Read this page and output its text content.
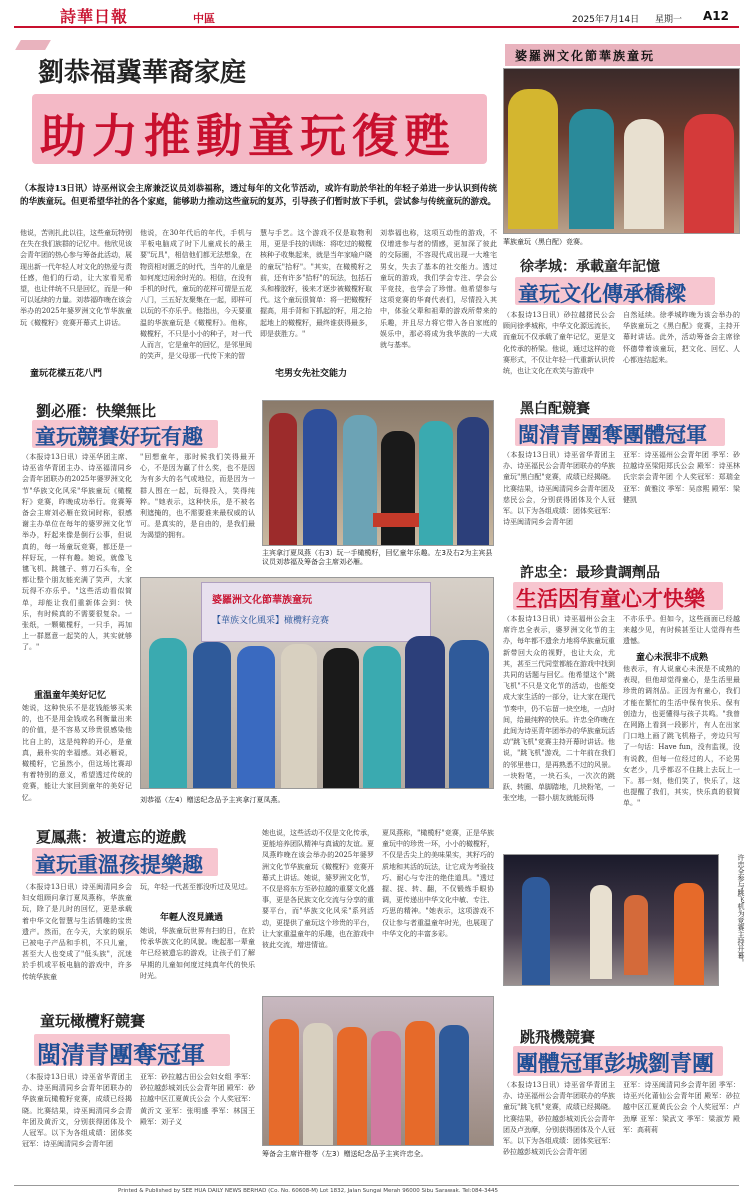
詩華日報	中區	2025年7月14日 星期一 A12
婆羅洲文化節華族童玩
劉恭福冀華裔家庭
助力推動童玩復甦
（本报诗13日讯）诗巫州议会主席兼泛议员刘恭福称，透过每年的文化节活动，或许有助於华社的年轻子弟进一步认识到传统的华族童玩。但更希望华社的各个家庭，能够助力推动这些童玩的复苏，引导孩子们暂时放下手机，尝试参与传统童玩的游戏。
他说，苦则扎此以往，这些童玩特别在失在我们族群的记忆中。他欣见该会青年团的热心参与筹备此活动，展现出新一代年轻人对文化的热爱与责任感，他们的行动，让大家看见希望，也让伴统不只是回忆，而是一种可以延续的力量。刘恭福昨晚在该会举办的2025年婆罗洲文化节华族童玩《橄榄籽》竞赛开幕式上讲话。
童玩花樣五花八門
他说，在30年代后的年代，手机与平板电脑成了时下儿童成长的最主要"玩具"，相信他们都无法想象，在物资相对匮乏的时代，当年的儿童是如何度过闲余时光的。相信，在没有手机的时代，童玩的花样可谓是五花八门，三五好友聚集在一起，即样可以玩的不亦乐乎。他指出，今天要重温的华族童玩是《橄榄籽》。他称，橄榄籽，不只是小小的种子，对一代人而言，它是童年的回忆，是邻里间的笑声，是父母那一代传下来的智
慧与手艺。这个游戏不仅是取物利用，更是手技的训练：将吃过的橄榄核种子收集起来，就是当年家喻户晓的童玩"拾籽"。"其实，在橄榄籽之前，还有许多"拾籽"的玩法，包括石头和橡胶籽，後来才逐步被橄榄籽取代。这个童玩很简单：将一把橄榄籽握高，用手背和下抓起的籽，用之抬起地上的橄榄籽，最终谁获得最多，即是获胜方。"
宅男女先社交能力
刘恭福也称，这项互动性的游戏，不仅增进参与者的情感，更加深了彼此的交际圈，不容现代成出现一大堆宅男女，失去了基本的社交能力。透过童玩的游戏，我们学会专注、学会公平竞技，也学会了珍惜。他希望参与这项竞赛的华裔代表们，尽情投入其中，体验父辈和祖辈的游戏所带来的乐趣，并且尽力将它带入各自家庭的娱乐中，那必将成为我华族的一大成就与基率。
華族童玩（黑白配）竞赛。
徐孝城：承載童年記憶
童玩文化傳承橋樑
（本报诗13日讯）砂拉越猪民公会顾问徐孝城称，中华文化源远流长，而童玩不仅承载了童年记忆，更是文化传承的桥梁。他说，通过这样的竞赛形式，不仅让年轻一代重新认识传统，也让文化在欢笑与游戏中
自然延续。徐孝城昨晚为该会举办的华族童玩之《黑白配》竞赛，主持开幕时讲话。此外，活动筹备会主席徐怀德带着该童玩，把文化、回忆、人心都连结起来。
劉必雁：快樂無比
童玩競賽好玩有趣
（本报诗13日讯）诗巫华团主席、诗巫省华青团主办、诗巫福清同乡会青年团联办的2025年婆罗洲文化节"华族文化风采"华族童玩《橄榄籽》竞赛，昨晚成功举行。竞赛筹备会主席刘必雁在致词时称，很感谢主办单位在每年的婆罗洲文化节举办，籽起来像是倒行公事，但说真的，每一场童玩竞赛，都还是一样好玩，一样有趣。她说，就像飞毽飞机、跳毽子、剪刀石头布，全都让整个朋友能充满了笑声，大家玩得不亦乐乎。"这些活动看似简单，却能让我们重新体会到：快乐，有时候真的不需要很复杂。一张纸，一颗橄榄籽，一只手，再加上一群愿意一起笑的人，其实就够了。"
重温童年美好记忆
她说，这种快乐不是花钱能够买来的，也不是用金钱或名利衡量出来的价值，是不容易又珍贵很感染他比自上的，这是纯粹的开心，是童真，最朴实的幸福感。刘必雁说，橄榄籽，它虽然小，但这场比赛却有着特别的意义，希望透过传统的竞赛，能让大家回到童年的美好记忆。
"回想童年，那时候我们笑得最开心，不是因为赢了什么奖，也不是因为有多大的名气或地位，而是因为一群人围在一起，玩得投入，笑得纯粹。"她表示，这种快乐，是不被名利遮掩的，也不需要谁来最权威的认可。是真实的，是自由的，是我们最为渴望的拥有。
主宾拿汀夏凤燕（右3）玩一手橄榄籽，回忆童年乐趣。左3及右2为主宾县议员刘恭福及筹备会主席刘必雁。
婆羅洲文化節華族童玩
【華族文化風采】橄欖籽竞赛
刘恭福（左4）赠送纪念品予主宾拿汀夏凤燕。
黑白配競賽
閩清青團奪團體冠軍
（本报诗13日讯）诗巫省华青团主办、诗巫福民公会青年团联办的华族童玩"黑白配"竞赛，成绩已经揭晓。比赛结果，诗巫闽清同乡会青年团及慈民公会，分别获得团体及个人冠军。以下为各组成绩：团体奖冠军：诗巫闽清同乡会青年团
亚军：诗巫福州公会青年团 季军：砂拉越诗巫梁阳郑氏公会 殿军：诗巫林氏宗亲会青年团 个人奖冠军：郑瑞金 亚军：黄雅汶 季军：吴彦熙 殿军：梁健凯
許忠全：最珍貴調劑品
生活因有童心才快樂
（本报诗13日讯）诗巫福州公会主席许忠全表示，婆罗洲文化节的主办，每年都不遗余力地将华族童玩重新带回大众的视野，也让大众，尤其，甚至三代同堂都能在游戏中找到共同的话题与回忆。他希望这个"跳飞机"不只是文化节的活动，也能变成大家生活的一部分，让大家在现代节奏中，仍不忘留一块空地，一点时间，给最纯粹的快乐。许忠全昨晚在此间为诗巫青年团举办的华族童玩活动"跳飞机"竞赛主持开幕时讲话。他说，"跳飞机"游戏，二十年前在我们的邻里巷口，是再熟悉不过的风景。一块粉笔，一块石头，一次次的跳跃、转圈、单脚踏地，几块粉笔，一张空地，一群小朋友就能玩得
不亦乐乎。但如今，这些画面已经越来越少见，有时候甚至让人觉得有些遗憾。
童心未泯非不成熟
他表示，有人说童心未泯是不成熟的表现，但他却觉得童心，是生活里最珍贵的调剂品。正因为有童心，我们才能在繁忙的生活中保有快乐、保有创造力，也更懂得与孩子共鸣。"我曾在网路上看到一段影片，有人在出家门口地上画了跳飞机格子，旁边只写了一句话：Have fun，没有监视，没有说教，但每一位经过的人，不论男女老少，几乎都忍不住跳上去玩上一下。那一刻，他们笑了，快乐了，这也提醒了我们，其实，快乐真的很简单。"
许忠全参与跳飞机为竞赛主持开幕。
夏鳳燕：被遺忘的遊戲
童玩重溫孩提樂趣
（本报诗13日讯）诗巫闽清同乡会妇女组顾问拿汀夏凤燕称，华族童玩，除了是儿时的回忆，更是承载着中华文化智慧与生活情趣的宝贵遗产。然而，在今天，大家的娱乐已被电子产品和手机，不只儿童，甚至大人也变成了"低头族"，沉迷於手机或平板电脑的游戏中，许多传统华族童
玩，年轻一代甚至都没听过及见过。
年輕人沒見識過
她说，华族童玩世界有扫的日，在於传承华族文化的风貌。晚起那一辈童年已经被遗忘的游戏，让孩子们了解早期的儿童如何度过纯真年代的快乐时光。
她也说，这些活动不仅是文化传承，更能培养团队精神与真诚的友谊。夏凤燕昨晚在该会举办的2025年婆罗洲文化节华族童玩《橄榄籽》竞赛开幕式上讲话。她说，婆罗洲文化节，不仅是将东方至砂拉越的重要文化盛事，更是各民族文化交流与分享的重要平台，而"华族文化风采"系列活动，更提供了童玩这个珍贵的平台，让大家重温童年的乐趣，也在游戏中彼此交流，增进情谊。
夏凤燕称，"橄榄籽"竞赛，正是华族童玩中的珍贵一环，小小的橄榄籽，不仅是舌尖上的美味果实，其籽巧的质地和其活的玩法，让它成为考验技巧、耐心与专注的绝佳道具。"透过握、捉、转、翻，不仅锻炼手眼协调，更传递出中华文化中敏、专注、巧思的精神。"她表示，这项游戏不仅让参与者重温童年时光，也展现了中华文化的丰富多彩。
童玩橄欖籽競賽
閩清青團奪冠軍
（本报诗13日讯）诗巫省华青团主办、诗巫闽清同乡会青年团联办的华族童玩橄榄籽竞赛，成绩已经揭晓。比赛结果，诗巫闽清同乡会青年团及黄沂文，分别获得团体及个人冠军。以下为各组成绩：团体奖冠军：诗巫闽清同乡会青年团
亚军：砂拉越古田公会妇女组 季军：砂拉越彭城刘氏公会青年团 殿军：砂拉越中区江夏黄氏公会 个人奖冠军：黄沂文 亚军：张明盛 季军：林国王 殿军：刘子义
筹备会主席许橙苓（左3）赠送纪念品予主宾许忠全。
跳飛機競賽
團體冠軍彭城劉青團
（本报诗13日讯）诗巫省华青团主办、诗巫福州公会青年团联办的华族童玩"跳飞机"竞赛，成绩已经揭晓。比赛结果，砂拉越彭城刘氏公会青年团及卢劲摩，分别获得团体及个人冠军。以下为各组成绩：团体奖冠军：砂拉越彭城刘氏公会青年团
亚军：诗巫闽清同乡会青年团 季军：诗巫兴化莆仙公会青年团 殿军：砂拉越中区江夏黄氏公会 个人奖冠军：卢劲摩 亚军：梁武文 季军：梁淑芳 殿军：高莉莉
Printed & Published by SEE HUA DAILY NEWS BERHAD (Co. No. 60608-M) Lot 1832, Jalan Sungai Merah 96000 Sibu Sarawak. Tel:084-3445
